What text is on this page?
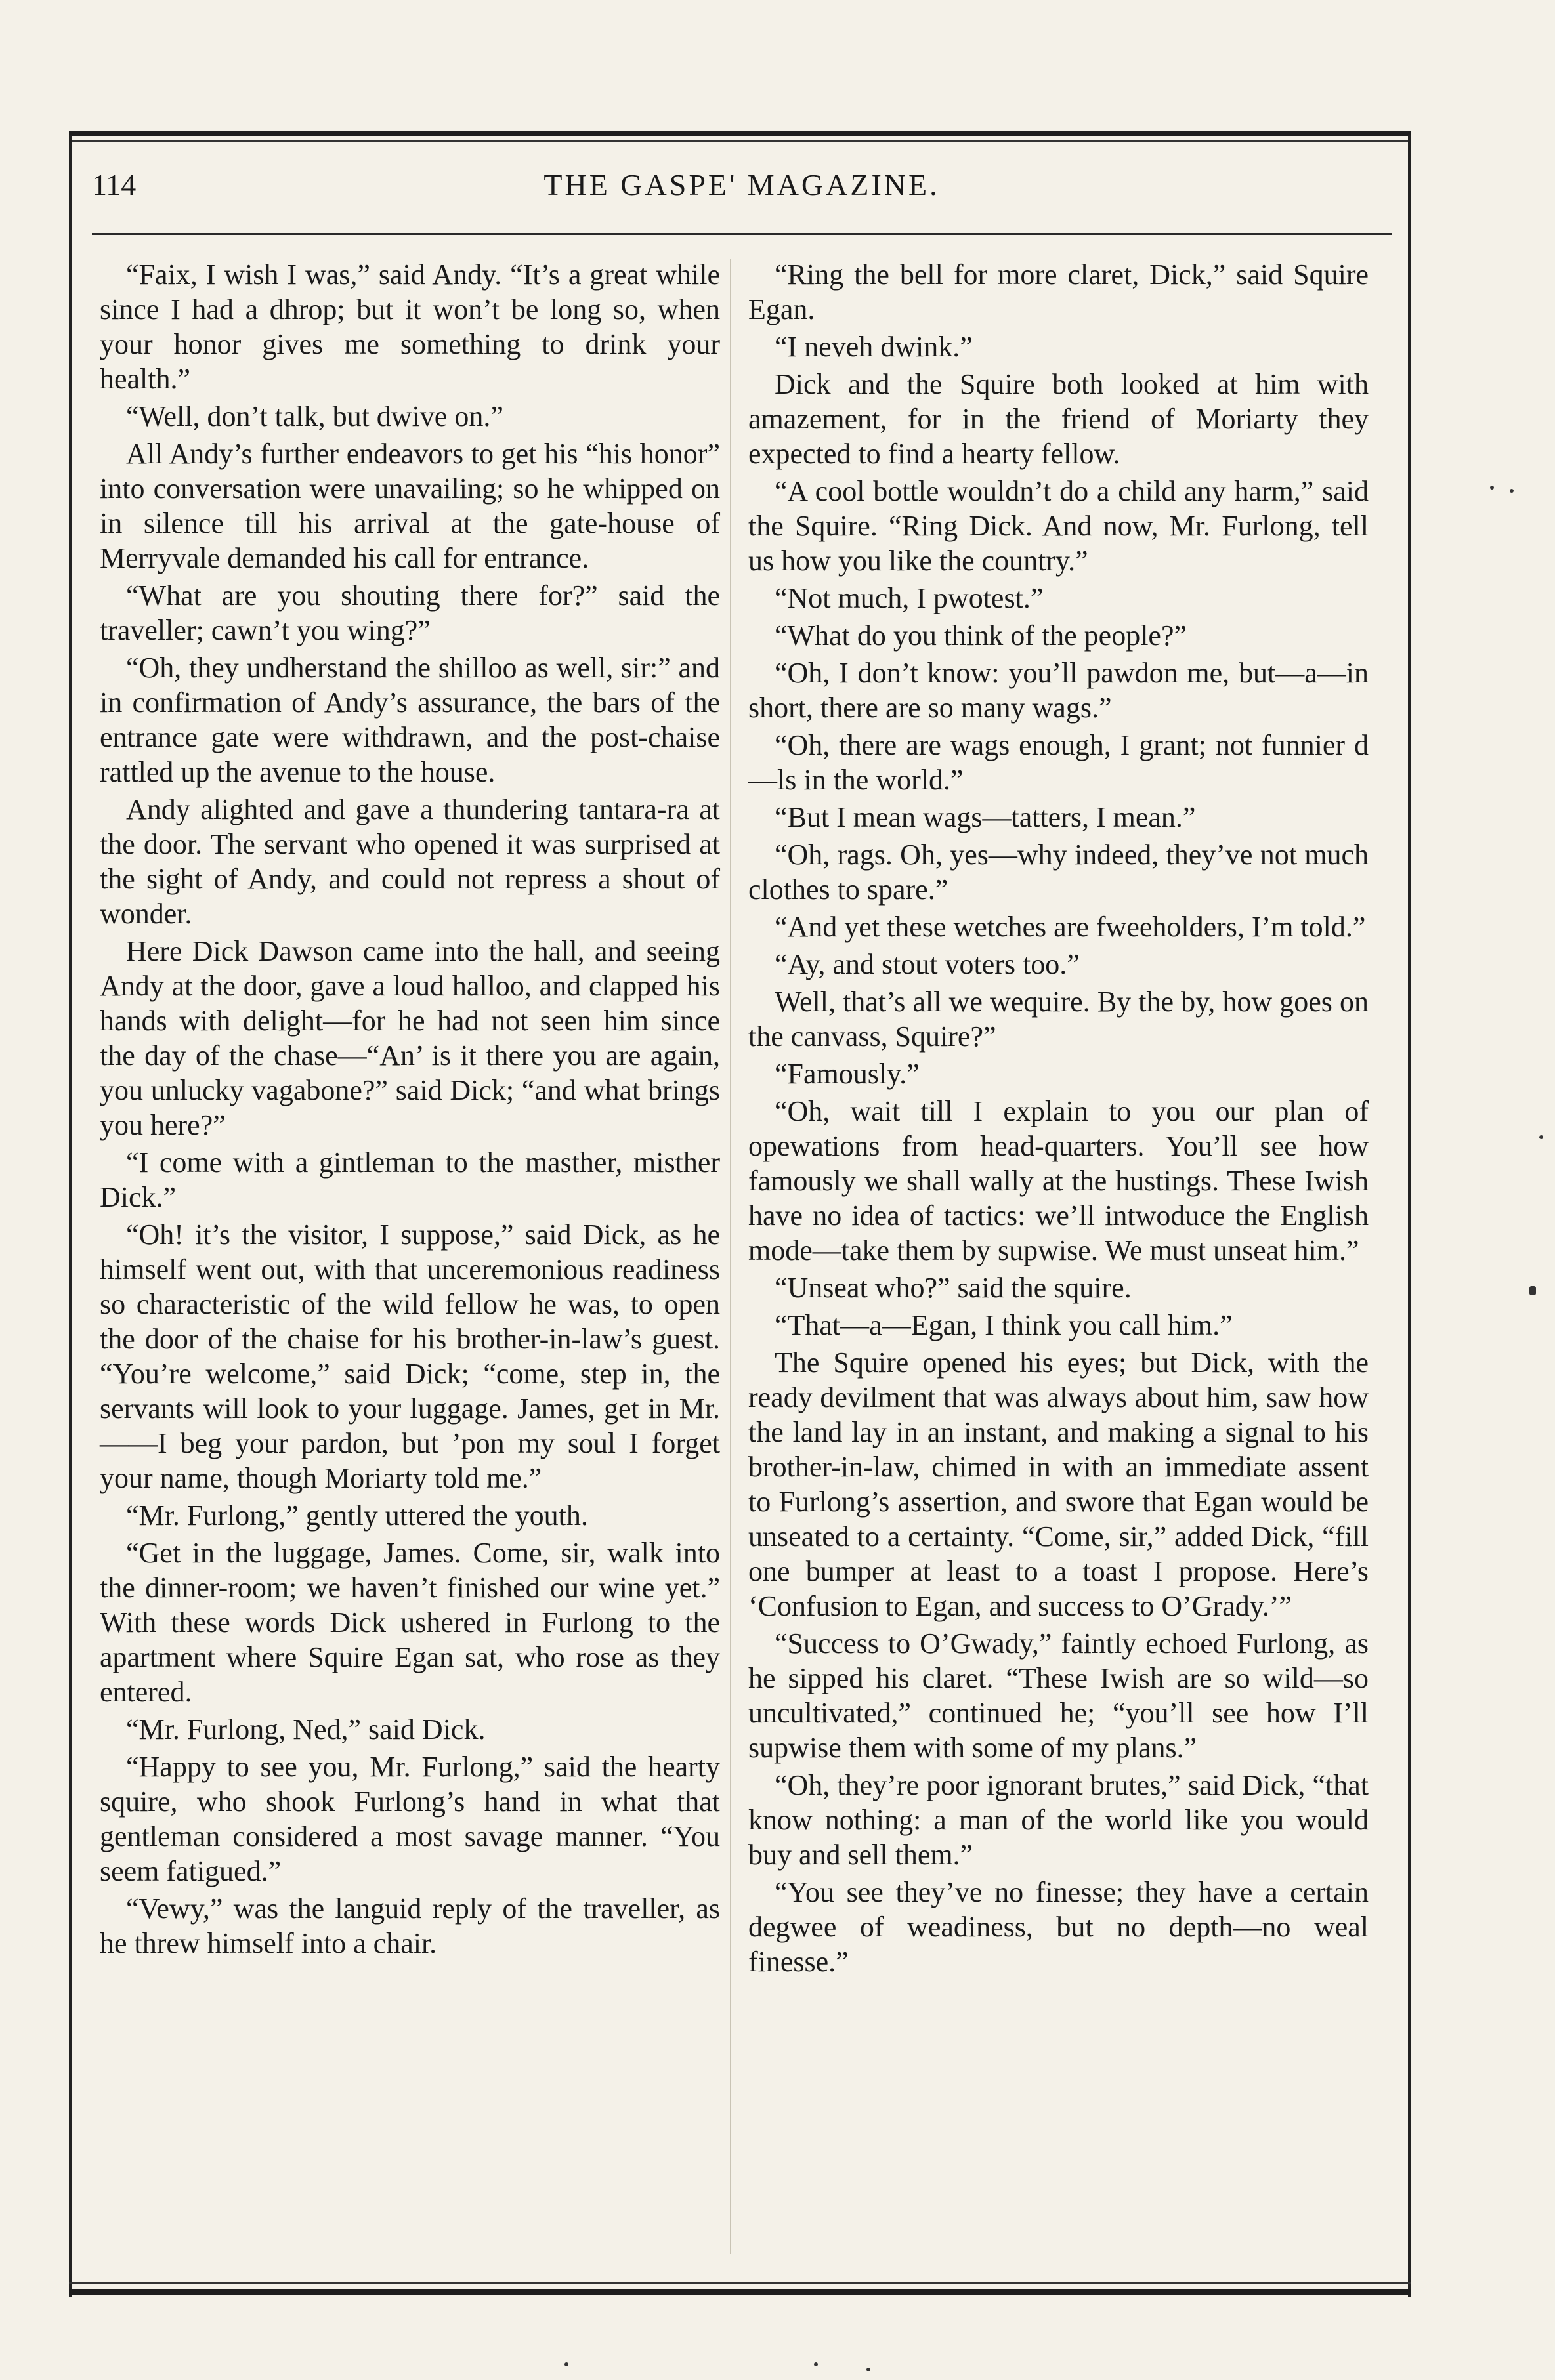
114	THE GASPE' MAGAZINE.

“Faix, I wish I was,” said Andy. “It’s a great while since I had a dhrop; but it won’t be long so, when your honor gives me something to drink your health.”

“Well, don’t talk, but dwive on.”

All Andy’s further endeavors to get his “his honor” into conversation were unavailing; so he whipped on in silence till his arrival at the gate-house of Merryvale demanded his call for entrance.

“What are you shouting there for?” said the traveller; cawn’t you wing?”

“Oh, they undherstand the shilloo as well, sir:” and in confirmation of Andy’s assurance, the bars of the entrance gate were withdrawn, and the post-chaise rattled up the avenue to the house.

Andy alighted and gave a thundering tantara-ra at the door. The servant who opened it was surprised at the sight of Andy, and could not repress a shout of wonder.

Here Dick Dawson came into the hall, and seeing Andy at the door, gave a loud halloo, and clapped his hands with delight—for he had not seen him since the day of the chase—“An’ is it there you are again, you unlucky vagabone?” said Dick; “and what brings you here?”

“I come with a gintleman to the masther, misther Dick.”

“Oh! it’s the visitor, I suppose,” said Dick, as he himself went out, with that unceremonious readiness so characteristic of the wild fellow he was, to open the door of the chaise for his brother-in-law’s guest. “You’re welcome,” said Dick; “come, step in, the servants will look to your luggage. James, get in Mr.——I beg your pardon, but ’pon my soul I forget your name, though Moriarty told me.”

“Mr. Furlong,” gently uttered the youth.

“Get in the luggage, James. Come, sir, walk into the dinner-room; we haven’t finished our wine yet.” With these words Dick ushered in Furlong to the apartment where Squire Egan sat, who rose as they entered.

“Mr. Furlong, Ned,” said Dick.

“Happy to see you, Mr. Furlong,” said the hearty squire, who shook Furlong’s hand in what that gentleman considered a most savage manner. “You seem fatigued.”

“Vewy,” was the languid reply of the traveller, as he threw himself into a chair.

“Ring the bell for more claret, Dick,” said Squire Egan.

“I neveh dwink.”

Dick and the Squire both looked at him with amazement, for in the friend of Moriarty they expected to find a hearty fellow.

“A cool bottle wouldn’t do a child any harm,” said the Squire. “Ring Dick. And now, Mr. Furlong, tell us how you like the country.”

“Not much, I pwotest.”

“What do you think of the people?”

“Oh, I don’t know: you’ll pawdon me, but—a—in short, there are so many wags.”

“Oh, there are wags enough, I grant; not funnier d—ls in the world.”

“But I mean wags—tatters, I mean.”

“Oh, rags. Oh, yes—why indeed, they’ve not much clothes to spare.”

“And yet these wetches are fweeholders, I’m told.”

“Ay, and stout voters too.”

Well, that’s all we wequire. By the by, how goes on the canvass, Squire?”

“Famously.”

“Oh, wait till I explain to you our plan of opewations from head-quarters. You’ll see how famously we shall wally at the hustings. These Iwish have no idea of tactics: we’ll intwoduce the English mode—take them by supwise. We must unseat him.”

“Unseat who?” said the squire.

“That—a—Egan, I think you call him.”

The Squire opened his eyes; but Dick, with the ready devilment that was always about him, saw how the land lay in an instant, and making a signal to his brother-in-law, chimed in with an immediate assent to Furlong’s assertion, and swore that Egan would be unseated to a certainty. “Come, sir,” added Dick, “fill one bumper at least to a toast I propose. Here’s ‘Confusion to Egan, and success to O’Grady.’”

“Success to O’Gwady,” faintly echoed Furlong, as he sipped his claret. “These Iwish are so wild—so uncultivated,” continued he; “you’ll see how I’ll supwise them with some of my plans.”

“Oh, they’re poor ignorant brutes,” said Dick, “that know nothing: a man of the world like you would buy and sell them.”

“You see they’ve no finesse; they have a certain degwee of weadiness, but no depth—no weal finesse.”
